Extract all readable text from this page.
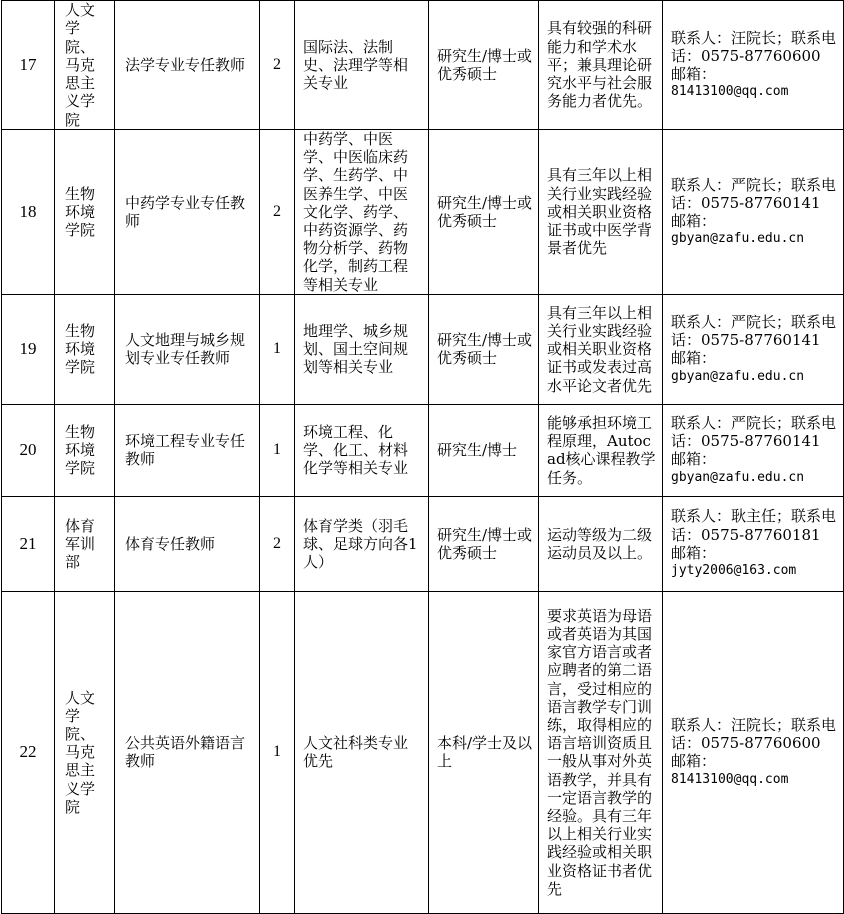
17	人文学院、马克思主义学院	法学专业专任教师	2	国际法、法制史、法理学等相关专业	研究生/博士或优秀硕士	具有较强的科研能力和学术水平；兼具理论研究水平与社会服务能力者优先。	联系人：汪院长；联系电话：0575-87760600 邮箱：
81413100@qq.com

18	生物环境学院	中药学专业专任教师	2	中药学、中医学、中医临床药学、生药学、中医养生学、中医文化学、药学、中药资源学、药物分析学、药物化学，制药工程等相关专业	研究生/博士或优秀硕士	具有三年以上相关行业实践经验或相关职业资格证书或中医学背景者优先	联系人：严院长；联系电话：0575-87760141　邮箱：
gbyan@zafu.edu.cn

19	生物环境学院	人文地理与城乡规划专业专任教师	1	地理学、城乡规划、国土空间规划等相关专业	研究生/博士或优秀硕士	具有三年以上相关行业实践经验或相关职业资格证书或发表过高水平论文者优先	联系人：严院长；联系电话：0575-87760141 邮箱：
gbyan@zafu.edu.cn

20	生物环境学院	环境工程专业专任教师	1	环境工程、化学、化工、材料化学等相关专业	研究生/博士	能够承担环境工程原理，Autocad核心课程教学任务。	联系人：严院长；联系电话：0575-87760141 邮箱：
gbyan@zafu.edu.cn

21	体育军训部	体育专任教师	2	体育学类（羽毛球、足球方向各1人）	研究生/博士或优秀硕士	运动等级为二级运动员及以上。	联系人：耿主任；联系电话：0575-87760181 邮箱：
jyty2006@163.com

22	人文学院、马克思主义学院	公共英语外籍语言教师	1	人文社科类专业优先	本科/学士及以上	要求英语为母语或者英语为其国家官方语言或者应聘者的第二语言，受过相应的语言教学专门训练，取得相应的语言培训资质且一般从事对外英语教学，并具有一定语言教学的经验。具有三年以上相关行业实践经验或相关职业资格证书者优先	联系人：汪院长；联系电话：0575-87760600 邮箱：
81413100@qq.com
